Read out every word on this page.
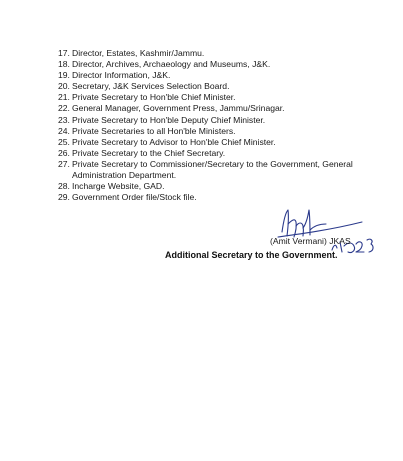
17. Director, Estates, Kashmir/Jammu.
18. Director, Archives, Archaeology and Museums, J&K.
19. Director Information, J&K.
20. Secretary, J&K Services Selection Board.
21. Private Secretary to Hon'ble Chief Minister.
22. General Manager, Government Press, Jammu/Srinagar.
23. Private Secretary to Hon'ble Deputy Chief Minister.
24. Private Secretaries to all Hon'ble Ministers.
25. Private Secretary to Advisor to Hon'ble Chief Minister.
26. Private Secretary to the Chief Secretary.
27. Private Secretary to Commissioner/Secretary to the Government, General Administration Department.
28. Incharge Website, GAD.
29. Government Order file/Stock file.
(Amit Vermani) JKAS
Additional Secretary to the Government.
